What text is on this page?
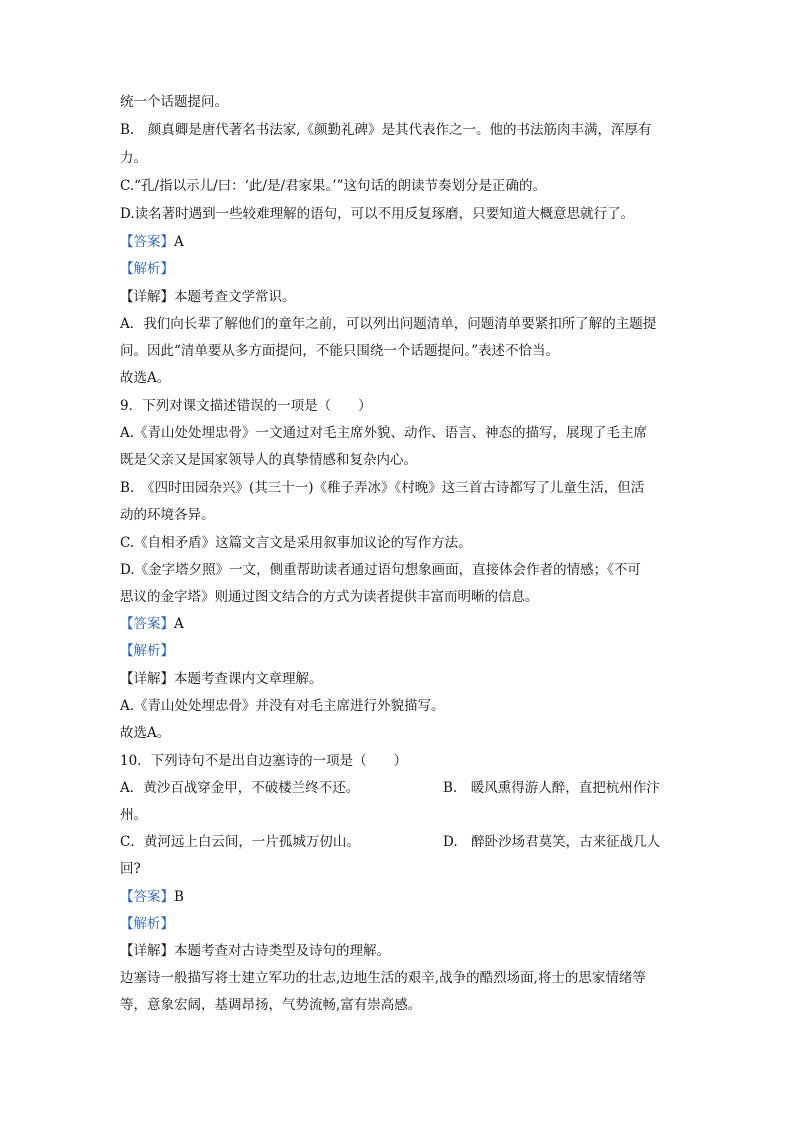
统一个话题提问。
B.　颜真卿是唐代著名书法家,《颜勤礼碑》是其代表作之一。他的书法筋肉丰满，浑厚有
力。
C.“孔/指以示儿/曰：‘此/是/君家果。’”这句话的朗读节奏划分是正确的。
D.读名著时遇到一些较难理解的语句，可以不用反复琢磨，只要知道大概意思就行了。
【答案】A
【解析】
【详解】本题考查文学常识。
A．我们向长辈了解他们的童年之前，可以列出问题清单，问题清单要紧扣所了解的主题提
问。因此“清单要从多方面提问，不能只围绕一个话题提问。”表述不恰当。
故选A。
9．下列对课文描述错误的一项是（　　）
A.《青山处处埋忠骨》一文通过对毛主席外貌、动作、语言、神态的描写，展现了毛主席
既是父亲又是国家领导人的真挚情感和复杂内心。
B.　《四时田园杂兴》(其三十一)《稚子弄冰》《村晚》这三首古诗都写了儿童生活，但活
动的环境各异。
C.《自相矛盾》这篇文言文是采用叙事加议论的写作方法。
D.《金字塔夕照》一文，侧重帮助读者通过语句想象画面，直接体会作者的情感；《不可
思议的金字塔》则通过图文结合的方式为读者提供丰富而明晰的信息。
【答案】A
【解析】
【详解】本题考查课内文章理解。
A.《青山处处埋忠骨》并没有对毛主席进行外貌描写。
故选A。
10．下列诗句不是出自边塞诗的一项是（　　）
A．黄沙百战穿金甲，不破楼兰终不还。	B.　暖风熏得游人醉，直把杭州作汴
州。
C．黄河远上白云间，一片孤城万仞山。	D.　醉卧沙场君莫笑，古来征战几人
回?
【答案】B
【解析】
【详解】本题考查对古诗类型及诗句的理解。
边塞诗一般描写将士建立军功的壮志,边地生活的艰辛,战争的酷烈场面,将士的思家情绪等
等，意象宏阔，基调昂扬，气势流畅,富有崇高感。
